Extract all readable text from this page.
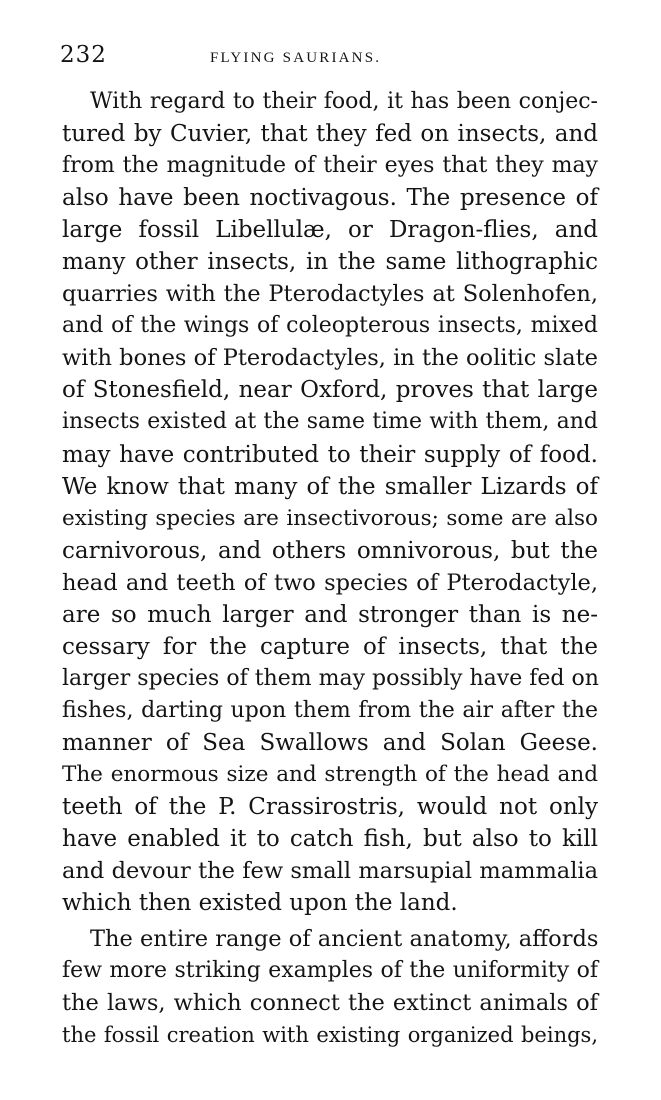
232	FLYING SAURIANS.
With regard to their food, it has been conjec-
tured by Cuvier, that they fed on insects, and
from the magnitude of their eyes that they may
also have been noctivagous. The presence of
large fossil Libellulæ, or Dragon-flies, and
many other insects, in the same lithographic
quarries with the Pterodactyles at Solenhofen,
and of the wings of coleopterous insects, mixed
with bones of Pterodactyles, in the oolitic slate
of Stonesfield, near Oxford, proves that large
insects existed at the same time with them, and
may have contributed to their supply of food.
We know that many of the smaller Lizards of
existing species are insectivorous; some are also
carnivorous, and others omnivorous, but the
head and teeth of two species of Pterodactyle,
are so much larger and stronger than is ne-
cessary for the capture of insects, that the
larger species of them may possibly have fed on
fishes, darting upon them from the air after the
manner of Sea Swallows and Solan Geese.
The enormous size and strength of the head and
teeth of the P. Crassirostris, would not only
have enabled it to catch fish, but also to kill
and devour the few small marsupial mammalia
which then existed upon the land.
The entire range of ancient anatomy, affords
few more striking examples of the uniformity of
the laws, which connect the extinct animals of
the fossil creation with existing organized beings,
